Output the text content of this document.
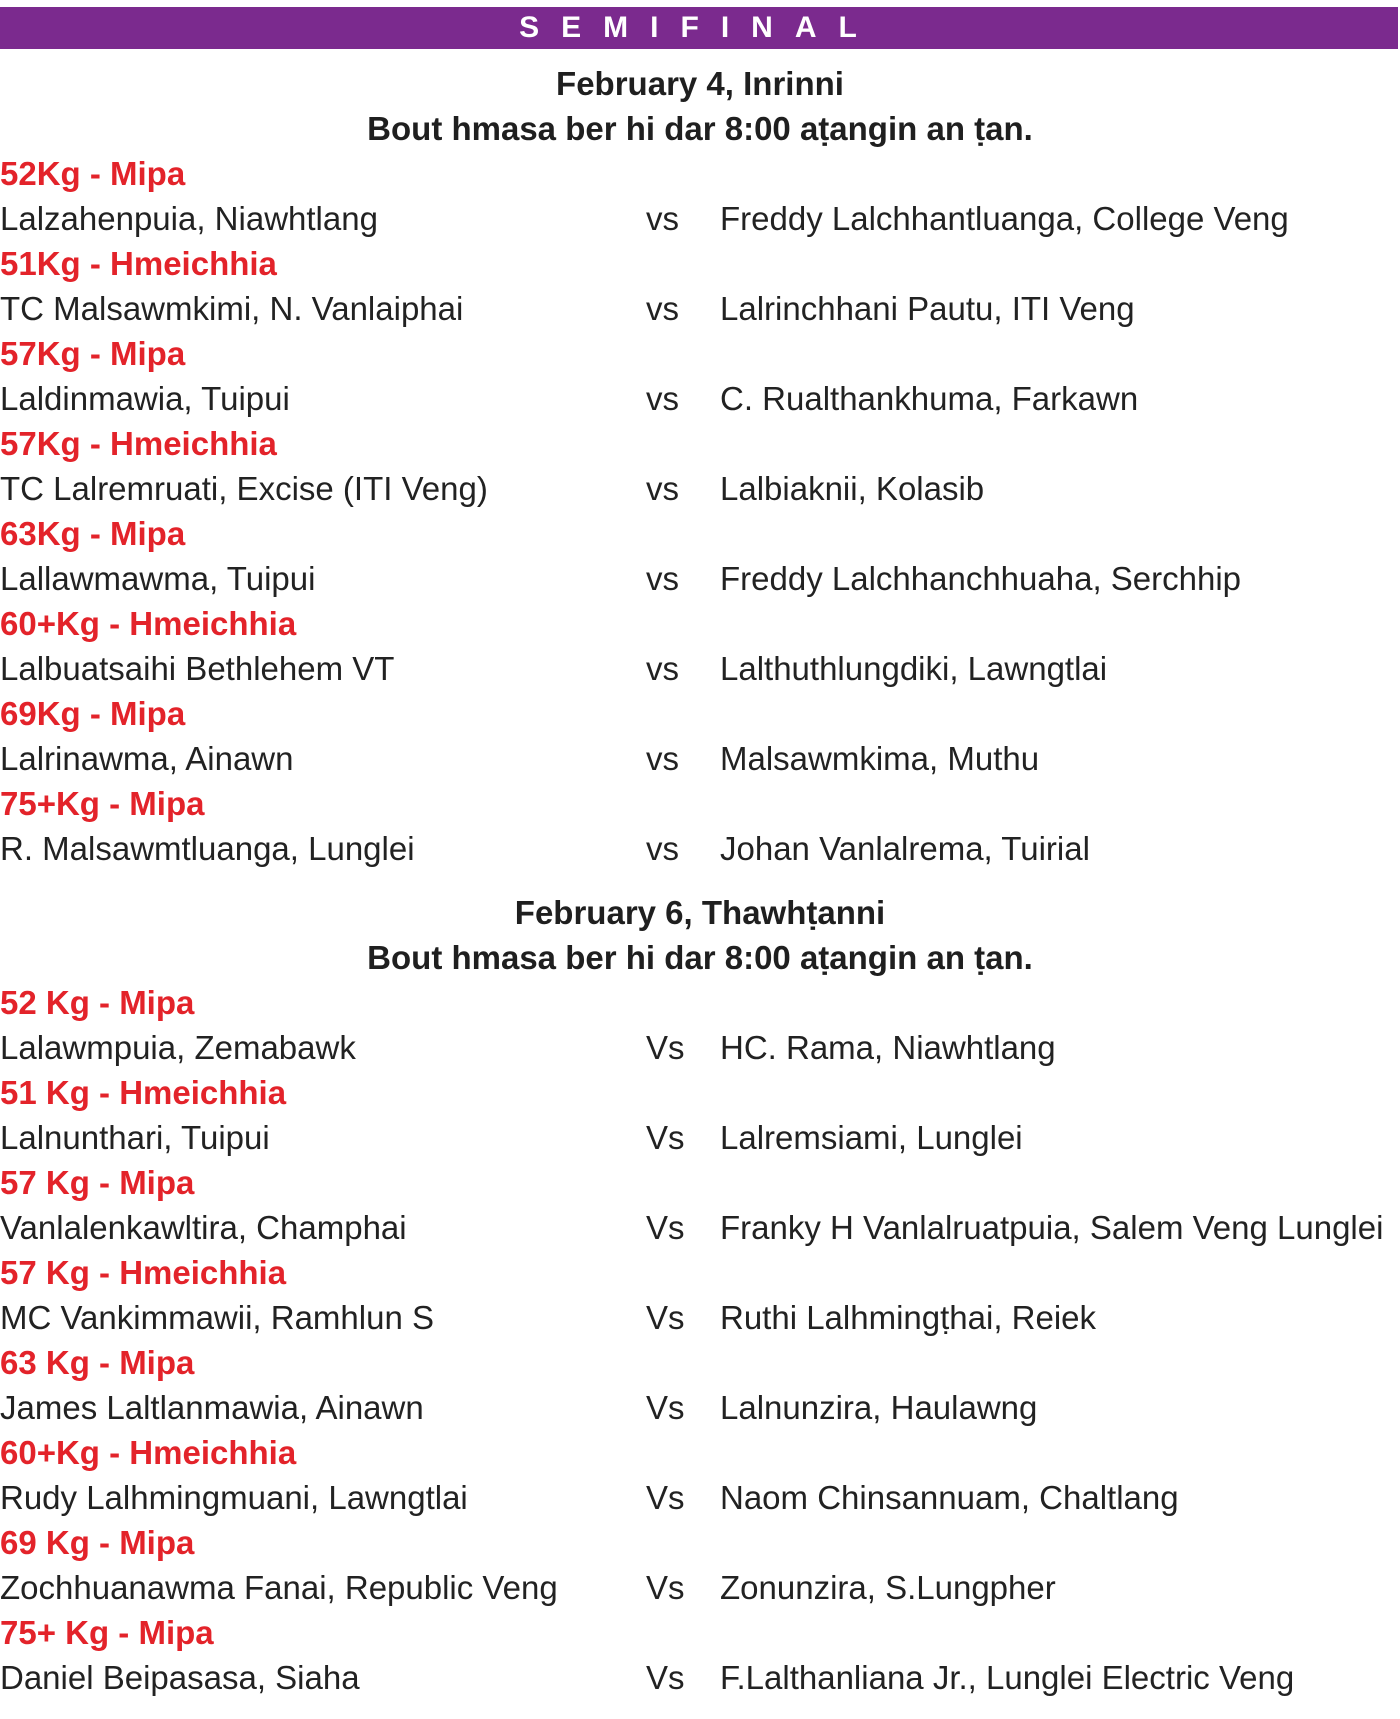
SEMIFINAL
February 4, Inrinni
Bout hmasa ber hi dar 8:00 aṭangin an ṭan.
52Kg - Mipa
Lalzahenpuia, Niawhtlang	vs Freddy Lalchhantluanga, College Veng
51Kg - Hmeichhia
TC Malsawmkimi, N. Vanlaiphai	vs Lalrinchhani Pautu, ITI Veng
57Kg - Mipa
Laldinmawia, Tuipui	vs C. Rualthankhuma, Farkawn
57Kg - Hmeichhia
TC Lalremruati, Excise (ITI Veng)	vs Lalbiaknii, Kolasib
63Kg - Mipa
Lallawmawma, Tuipui	vs Freddy Lalchhanchhuaha, Serchhip
60+Kg - Hmeichhia
Lalbuatsaihi Bethlehem VT	vs Lalthuthlungdiki, Lawngtlai
69Kg - Mipa
Lalrinawma, Ainawn	vs Malsawmkima, Muthu
75+Kg - Mipa
R. Malsawmtluanga, Lunglei	vs Johan Vanlalrema, Tuirial
February 6, Thawhṭanni
Bout hmasa ber hi dar 8:00 aṭangin an ṭan.
52 Kg - Mipa
Lalawmpuia, Zemabawk	Vs HC. Rama, Niawhtlang
51 Kg - Hmeichhia
Lalnunthari, Tuipui	Vs Lalremsiami, Lunglei
57 Kg - Mipa
Vanlalenkawltira, Champhai	Vs Franky H Vanlalruatpuia, Salem Veng Lunglei
57 Kg - Hmeichhia
MC Vankimmawii, Ramhlun S	Vs Ruthi Lalhmingṭhai, Reiek
63 Kg - Mipa
James Laltlanmawia, Ainawn	Vs Lalnunzira, Haulawng
60+Kg - Hmeichhia
Rudy Lalhmingmuani, Lawngtlai	Vs Naom Chinsannuam, Chaltlang
69 Kg - Mipa
Zochhuanawma Fanai, Republic Veng	Vs Zonunzira, S.Lungpher
75+ Kg - Mipa
Daniel Beipasasa, Siaha	Vs F.Lalthanliana Jr., Lunglei Electric Veng
